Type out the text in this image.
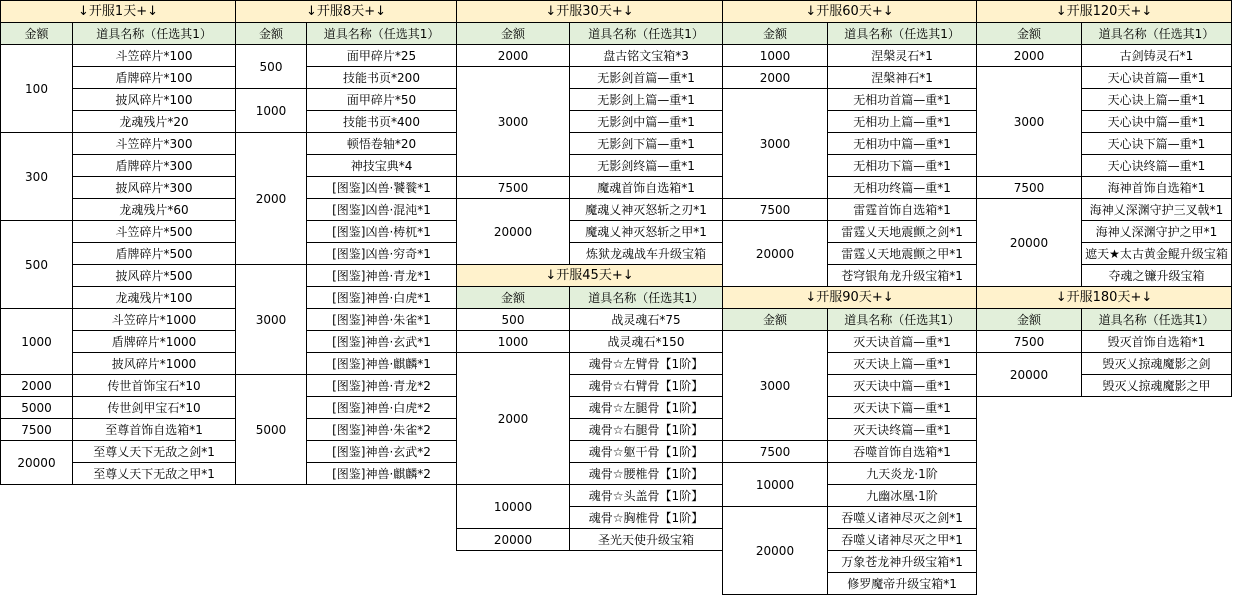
↓开服1天+↓	
金额	道具名称（任选其1）
100	斗笠碎片*100
	盾牌碎片*100
	披风碎片*100
	龙魂残片*20
300	斗笠碎片*300
	盾牌碎片*300
	披风碎片*300
	龙魂残片*60
500	斗笠碎片*500
	盾牌碎片*500
	披风碎片*500
	龙魂残片*100
1000	斗笠碎片*1000
	盾牌碎片*1000
	披风碎片*1000
2000	传世首饰宝石*10
5000	传世剑甲宝石*10
7500	至尊首饰自选箱*1
20000	至尊乂天下无敌之剑*1
	至尊乂天下无敌之甲*1
↓开服8天+↓	
金额	道具名称（任选其1）
500	面甲碎片*25
	技能书页*200
1000	面甲碎片*50
	技能书页*400
2000	顿悟卷轴*20
	神技宝典*4
	[图鉴]凶兽·饕餮*1
	[图鉴]凶兽·混沌*1
	[图鉴]凶兽·梼杌*1
	[图鉴]凶兽·穷奇*1
3000	[图鉴]神兽·青龙*1
	[图鉴]神兽·白虎*1
	[图鉴]神兽·朱雀*1
	[图鉴]神兽·玄武*1
	[图鉴]神兽·麒麟*1
5000	[图鉴]神兽·青龙*2
	[图鉴]神兽·白虎*2
	[图鉴]神兽·朱雀*2
	[图鉴]神兽·玄武*2
	[图鉴]神兽·麒麟*2
↓开服30天+↓	
金额	道具名称（任选其1）
2000	盘古铭文宝箱*3
3000	无影剑首篇—重*1
	无影剑上篇—重*1
	无影剑中篇—重*1
	无影剑下篇—重*1
	无影剑终篇—重*1
7500	魔魂首饰自选箱*1
20000	魔魂乂神灭怒斩之刃*1
	魔魂乂神灭怒斩之甲*1
	炼狱龙魂战车升级宝箱
↓开服45天+↓	
金额	道具名称（任选其1）
500	战灵魂石*75
1000	战灵魂石*150
2000	魂骨☆左臂骨【1阶】
	魂骨☆右臂骨【1阶】
	魂骨☆左腿骨【1阶】
	魂骨☆右腿骨【1阶】
	魂骨☆躯干骨【1阶】
	魂骨☆腰椎骨【1阶】
10000	魂骨☆头盖骨【1阶】
	魂骨☆胸椎骨【1阶】
20000	圣光天使升级宝箱
↓开服60天+↓	
金额	道具名称（任选其1）
1000	涅槃灵石*1
2000	涅槃神石*1
3000	无相功首篇—重*1
	无相功上篇—重*1
	无相功中篇—重*1
	无相功下篇—重*1
	无相功终篇—重*1
7500	雷霆首饰自选箱*1
20000	雷霆乂天地震颤之剑*1
	雷霆乂天地震颤之甲*1
	苍穹银角龙升级宝箱*1
↓开服90天+↓	
金额	道具名称（任选其1）
3000	灭天诀首篇—重*1
	灭天诀上篇—重*1
	灭天诀中篇—重*1
	灭天诀下篇—重*1
	灭天诀终篇—重*1
7500	吞噬首饰自选箱*1
10000	九天炎龙·1阶
	九幽冰凰·1阶
20000	吞噬乂诸神尽灭之剑*1
	吞噬乂诸神尽灭之甲*1
	万象苍龙神升级宝箱*1
	修罗魔帝升级宝箱*1
↓开服120天+↓	
金额	道具名称（任选其1）
2000	古剑铸灵石*1
3000	天心诀首篇—重*1
	天心诀上篇—重*1
	天心诀中篇—重*1
	天心诀下篇—重*1
	天心诀终篇—重*1
7500	海神首饰自选箱*1
20000	海神乂深渊守护三叉戟*1
	海神乂深渊守护之甲*1
	遮天★太古黄金鲲升级宝箱
	夺魂之镰升级宝箱
↓开服180天+↓	
金额	道具名称（任选其1）
7500	毁灭首饰自选箱*1
20000	毁灭乂掠魂魔影之剑
	毁灭乂掠魂魔影之甲
